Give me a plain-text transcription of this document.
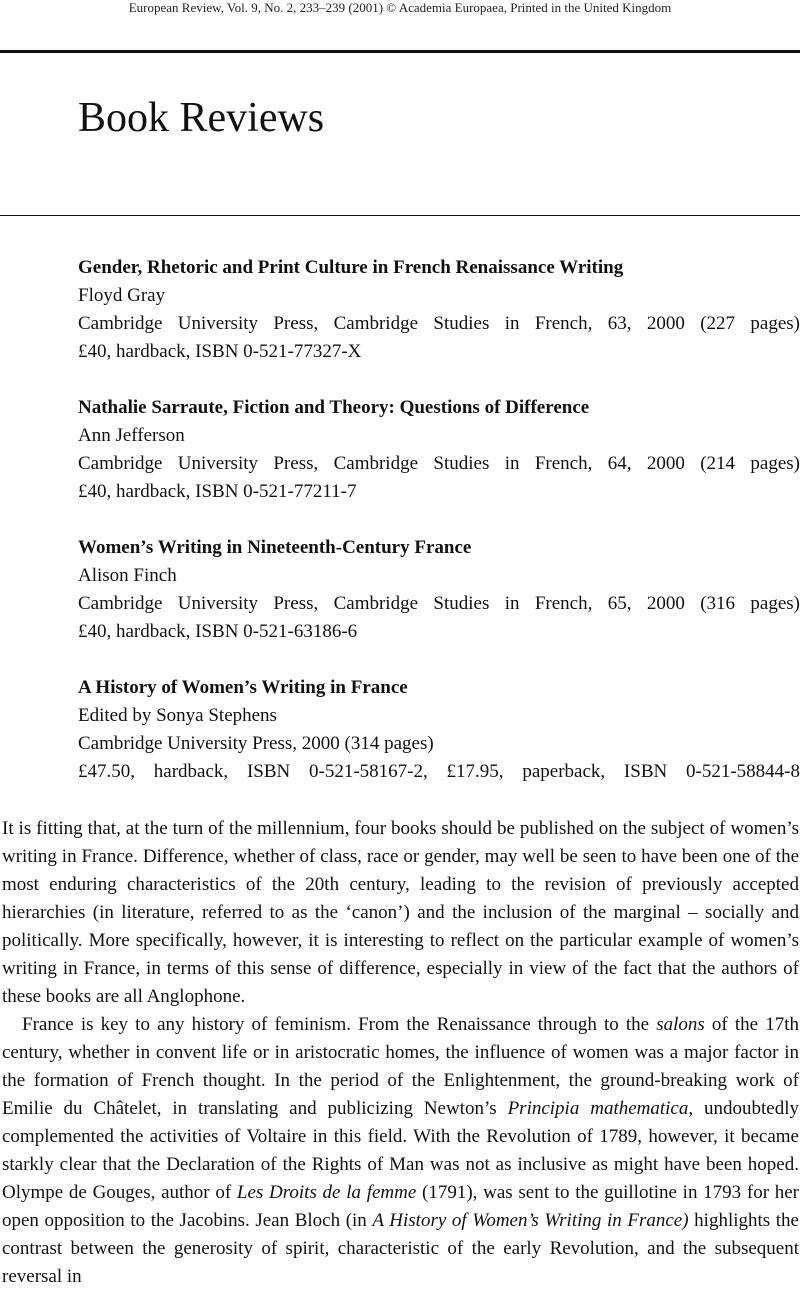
European Review, Vol. 9, No. 2, 233–239 (2001) © Academia Europaea, Printed in the United Kingdom
Book Reviews
Gender, Rhetoric and Print Culture in French Renaissance Writing
Floyd Gray
Cambridge University Press, Cambridge Studies in French, 63, 2000 (227 pages)
£40, hardback, ISBN 0-521-77327-X
Nathalie Sarraute, Fiction and Theory: Questions of Difference
Ann Jefferson
Cambridge University Press, Cambridge Studies in French, 64, 2000 (214 pages)
£40, hardback, ISBN 0-521-77211-7
Women’s Writing in Nineteenth-Century France
Alison Finch
Cambridge University Press, Cambridge Studies in French, 65, 2000 (316 pages)
£40, hardback, ISBN 0-521-63186-6
A History of Women’s Writing in France
Edited by Sonya Stephens
Cambridge University Press, 2000 (314 pages)
£47.50, hardback, ISBN 0-521-58167-2, £17.95, paperback, ISBN 0-521-58844-8

It is fitting that, at the turn of the millennium, four books should be published on the subject of women’s writing in France. Difference, whether of class, race or gender, may well be seen to have been one of the most enduring characteristics of the 20th century, leading to the revision of previously accepted hierarchies (in literature, referred to as the ‘canon’) and the inclusion of the marginal – socially and politically. More specifically, however, it is interesting to reflect on the particular example of women’s writing in France, in terms of this sense of difference, especially in view of the fact that the authors of these books are all Anglophone.

France is key to any history of feminism. From the Renaissance through to the salons of the 17th century, whether in convent life or in aristocratic homes, the influence of women was a major factor in the formation of French thought. In the period of the Enlightenment, the ground-breaking work of Emilie du Châtelet, in translating and publicizing Newton’s Principia mathematica, undoubtedly complemented the activities of Voltaire in this field. With the Revolution of 1789, however, it became starkly clear that the Declaration of the Rights of Man was not as inclusive as might have been hoped. Olympe de Gouges, author of Les Droits de la femme (1791), was sent to the guillotine in 1793 for her open opposition to the Jacobins. Jean Bloch (in A History of Women’s Writing in France) highlights the contrast between the generosity of spirit, characteristic of the early Revolution, and the subsequent reversal in
